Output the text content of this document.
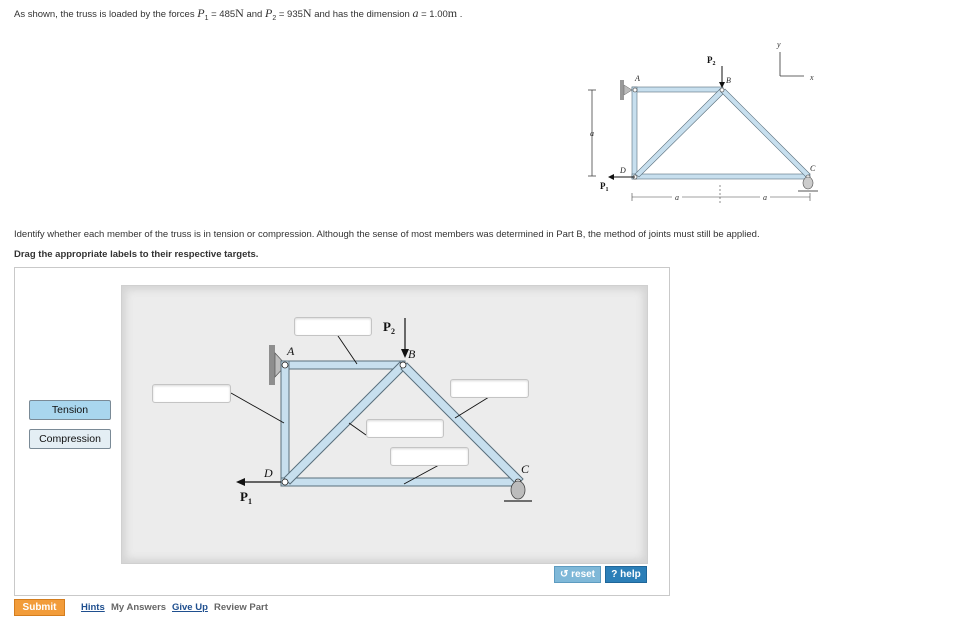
As shown, the truss is loaded by the forces $P_1 = 485N$ and $P_2 = 935N$ and has the dimension a = 1.00m .
a
A	B
C
D
$P_2$
$P_1$
a	a
y
x
Identify whether each member of the truss is in tension or compression. Although the sense of most members was determined in Part B, the method of joints must still be applied.
Drag the appropriate labels to their respective targets.
A	B
C
D
$P_2$
$P_1$
Tension
Compression
↺ reset	? help
Submit	Hints My Answers Give Up Review Part
